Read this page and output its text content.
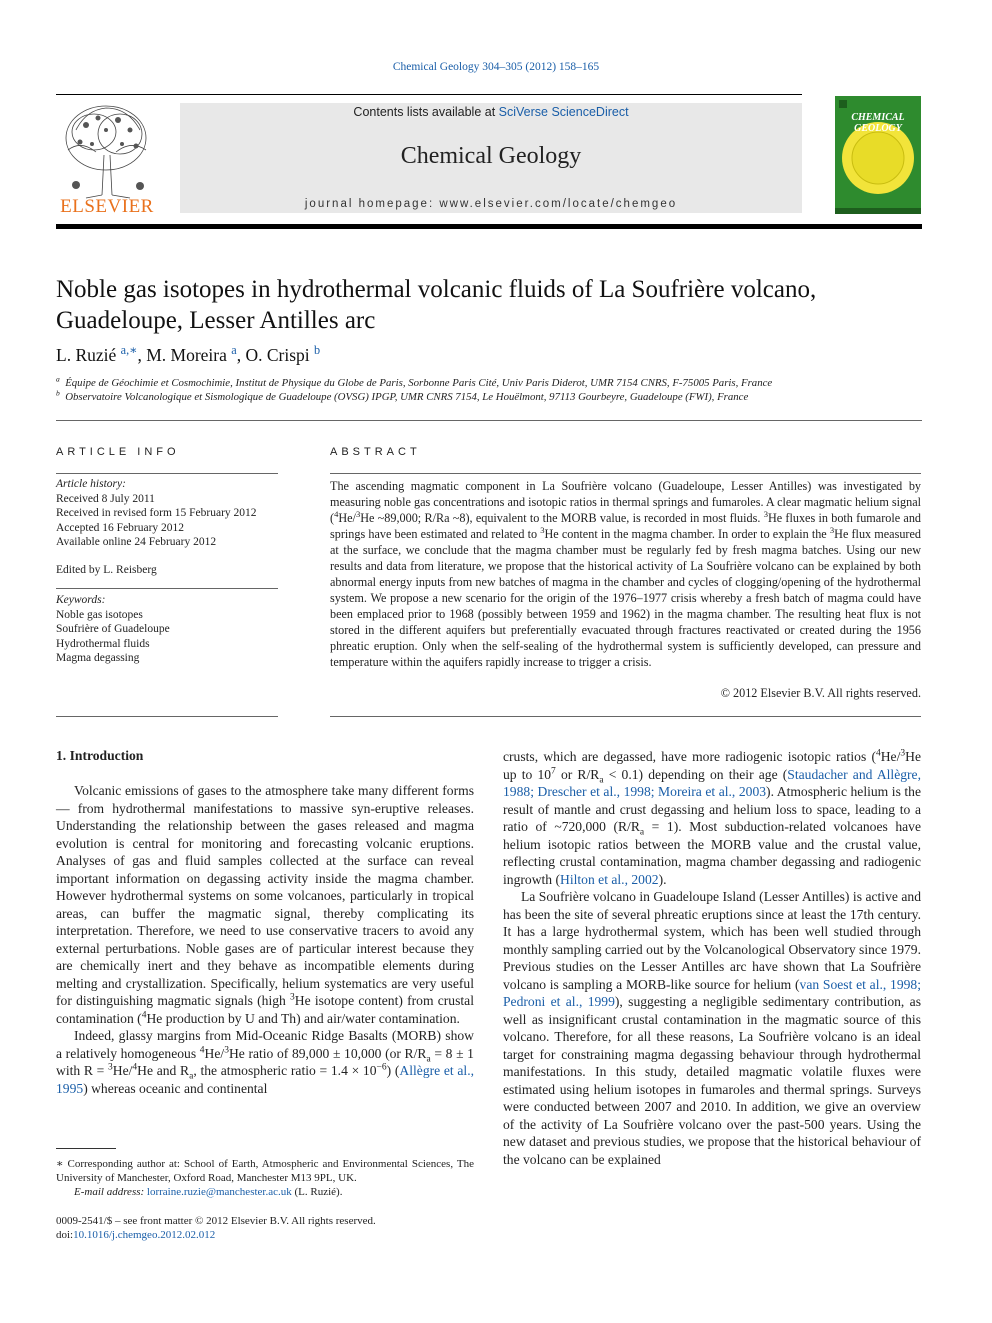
Chemical Geology 304–305 (2012) 158–165
ELSEVIER
Contents lists available at SciVerse ScienceDirect
Chemical Geology
journal homepage: www.elsevier.com/locate/chemgeo
CHEMICAL
GEOLOGY
Noble gas isotopes in hydrothermal volcanic fluids of La Soufrière volcano,
Guadeloupe, Lesser Antilles arc
L. Ruzié $^{a,∗}$, M. Moreira $^a$, O. Crispi $^b$
$^a$ Équipe de Géochimie et Cosmochimie, Institut de Physique du Globe de Paris, Sorbonne Paris Cité, Univ Paris Diderot, UMR 7154 CNRS, F-75005 Paris, France
$^b$ Observatoire Volcanologique et Sismologique de Guadeloupe (OVSG) IPGP, UMR CNRS 7154, Le Houëlmont, 97113 Gourbeyre, Guadeloupe (FWI), France
ARTICLE INFO
Article history:
Received 8 July 2011
Received in revised form 15 February 2012
Accepted 16 February 2012
Available online 24 February 2012
Edited by L. Reisberg
Keywords:
Noble gas isotopes
Soufrière of Guadeloupe
Hydrothermal fluids
Magma degassing
ABSTRACT
The ascending magmatic component in La Soufrière volcano (Guadeloupe, Lesser Antilles) was investigated by measuring noble gas concentrations and isotopic ratios in thermal springs and fumaroles. A clear magmatic helium signal ($^4$He/$^3$He ~89,000; R/Ra ~8), equivalent to the MORB value, is recorded in most fluids. $^3$He fluxes in both fumarole and springs have been estimated and related to $^3$He content in the magma chamber. In order to explain the $^3$He flux measured at the surface, we conclude that the magma chamber must be regularly fed by fresh magma batches. Using our new results and data from literature, we propose that the historical activity of La Soufrière volcano can be explained by both abnormal energy inputs from new batches of magma in the chamber and cycles of clogging/opening of the hydrothermal system. We propose a new scenario for the origin of the 1976–1977 crisis whereby a fresh batch of magma could have been emplaced prior to 1968 (possibly between 1959 and 1962) in the magma chamber. The resulting heat flux is not stored in the different aquifers but preferentially evacuated through fractures reactivated or created during the 1956 phreatic eruption. Only when the self-sealing of the hydrothermal system is sufficiently developed, can pressure and temperature within the aquifers rapidly increase to trigger a crisis.
© 2012 Elsevier B.V. All rights reserved.
1. Introduction

Volcanic emissions of gases to the atmosphere take many different forms — from hydrothermal manifestations to massive syn-eruptive releases. Understanding the relationship between the gases released and magma evolution is central for monitoring and forecasting volcanic eruptions. Analyses of gas and fluid samples collected at the surface can reveal important information on degassing activity inside the magma chamber. However hydrothermal systems on some volcanoes, particularly in tropical areas, can buffer the magmatic signal, thereby complicating its interpretation. Therefore, we need to use conservative tracers to avoid any external perturbations. Noble gases are of particular interest because they are chemically inert and they behave as incompatible elements during melting and crystallization. Specifically, helium systematics are very useful for distinguishing magmatic signals (high $^3$He isotope content) from crustal contamination ($^4$He production by U and Th) and air/water contamination.

Indeed, glassy margins from Mid-Oceanic Ridge Basalts (MORB) show a relatively homogeneous $^4$He/$^3$He ratio of 89,000 ± 10,000 (or $R/R_a = 8 \pm 1$ with R = $^3$He/$^4$He and $R_a$, the atmospheric ratio = $1.4 \times 10^{-6}$) (Allègre et al., 1995) whereas oceanic and continental

∗ Corresponding author at: School of Earth, Atmospheric and Environmental Sciences, The University of Manchester, Oxford Road, Manchester M13 9PL, UK.
E-mail address: lorraine.ruzie@manchester.ac.uk (L. Ruzié).
0009-2541/$ – see front matter © 2012 Elsevier B.V. All rights reserved.
doi:10.1016/j.chemgeo.2012.02.012

crusts, which are degassed, have more radiogenic isotopic ratios ($^4$He/$^3$He up to $10^7$ or $R/R_a < 0.1$) depending on their age (Staudacher and Allègre, 1988; Drescher et al., 1998; Moreira et al., 2003). Atmospheric helium is the result of mantle and crust degassing and helium loss to space, leading to a ratio of ~720,000 $(R/R_a = 1)$. Most subduction-related volcanoes have helium isotopic ratios between the MORB value and the crustal value, reflecting crustal contamination, magma chamber degassing and radiogenic ingrowth (Hilton et al., 2002).

La Soufrière volcano in Guadeloupe Island (Lesser Antilles) is active and has been the site of several phreatic eruptions since at least the 17th century. It has a large hydrothermal system, which has been well studied through monthly sampling carried out by the Volcanological Observatory since 1979. Previous studies on the Lesser Antilles arc have shown that La Soufrière volcano is sampling a MORB-like source for helium (van Soest et al., 1998; Pedroni et al., 1999), suggesting a negligible sedimentary contribution, as well as insignificant crustal contamination in the magmatic source of this volcano. Therefore, for all these reasons, La Soufrière volcano is an ideal target for constraining magma degassing behaviour through hydrothermal manifestations. In this study, detailed magmatic volatile fluxes were estimated using helium isotopes in fumaroles and thermal springs. Surveys were conducted between 2007 and 2010. In addition, we give an overview of the activity of La Soufrière volcano over the past-500 years. Using the new dataset and previous studies, we propose that the historical behaviour of the volcano can be explained
